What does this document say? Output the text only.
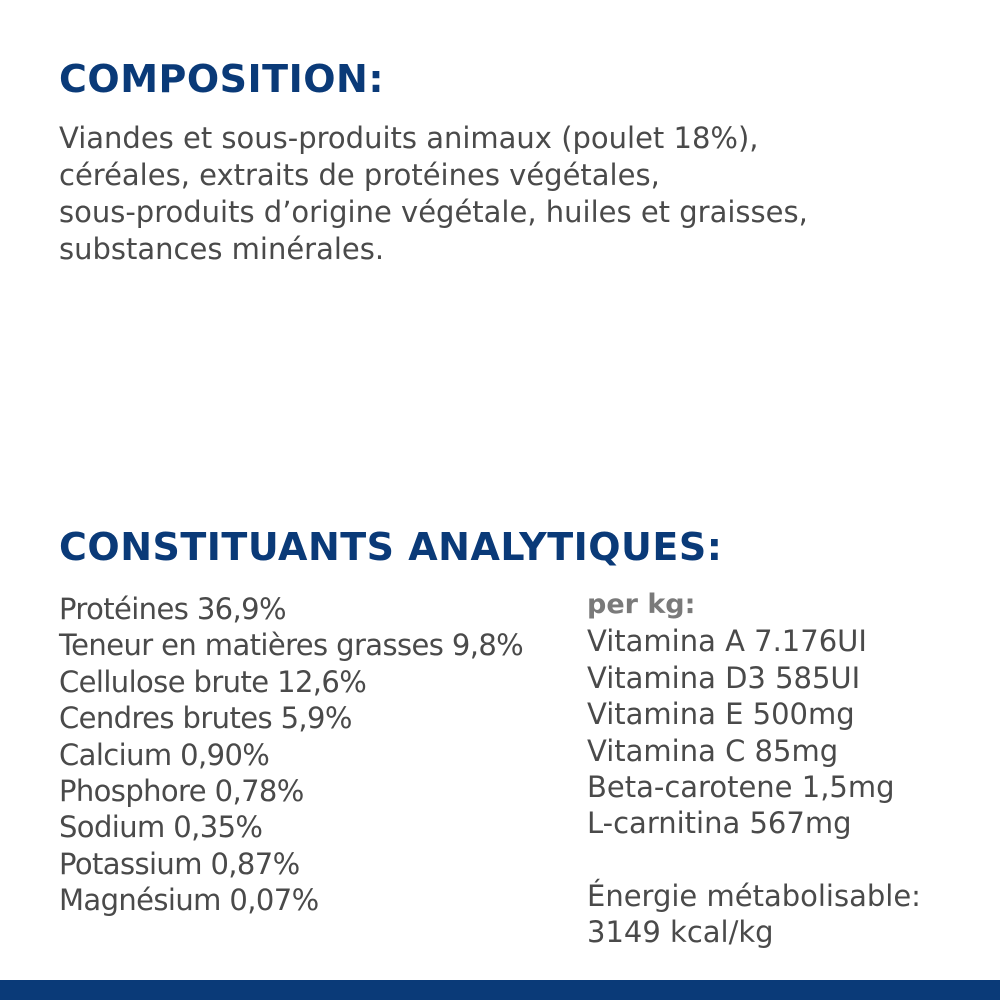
COMPOSITION:

Viandes et sous-produits animaux (poulet 18%),
céréales, extraits de protéines végétales,
sous-produits d’origine végétale, huiles et graisses,
substances minérales.

CONSTITUANTS ANALYTIQUES:
Protéines 36,9%
Teneur en matières grasses 9,8%
Cellulose brute 12,6%
Cendres brutes 5,9%
Calcium 0,90%
Phosphore 0,78%
Sodium 0,35%
Potassium 0,87%
Magnésium 0,07%
per kg:
Vitamina A 7.176UI
Vitamina D3 585UI
Vitamina E 500mg
Vitamina C 85mg
Beta-carotene 1,5mg
L-carnitina 567mg
Énergie métabolisable:
3149 kcal/kg
